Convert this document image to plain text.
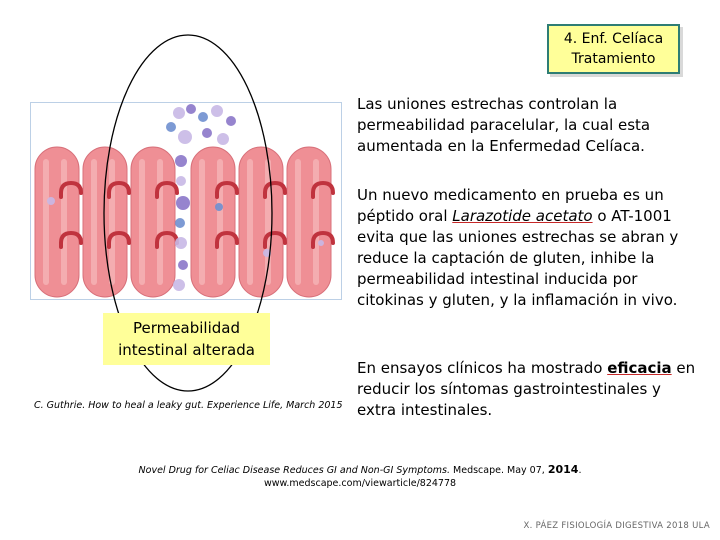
4. Enf. Celíaca
Tratamiento
Permeabilidad
intestinal alterada
C. Guthrie. How to heal a leaky gut. Experience Life, March 2015
Las uniones estrechas controlan la permeabilidad paracelular, la cual esta aumentada en la Enfermedad Celíaca.
Un nuevo medicamento en prueba es un péptido oral Larazotide acetato o AT-1001 evita que las uniones estrechas se abran y reduce la captación de gluten, inhibe la permeabilidad intestinal inducida por citokinas y gluten, y la inflamación in vivo.
En ensayos clínicos ha mostrado eficacia en reducir los síntomas gastrointestinales y extra intestinales.
Novel Drug for Celiac Disease Reduces GI and Non-GI Symptoms. Medscape. May 07, 2014.
www.medscape.com/viewarticle/824778
X. PÁEZ FISIOLOGÍA DIGESTIVA 2018 ULA
